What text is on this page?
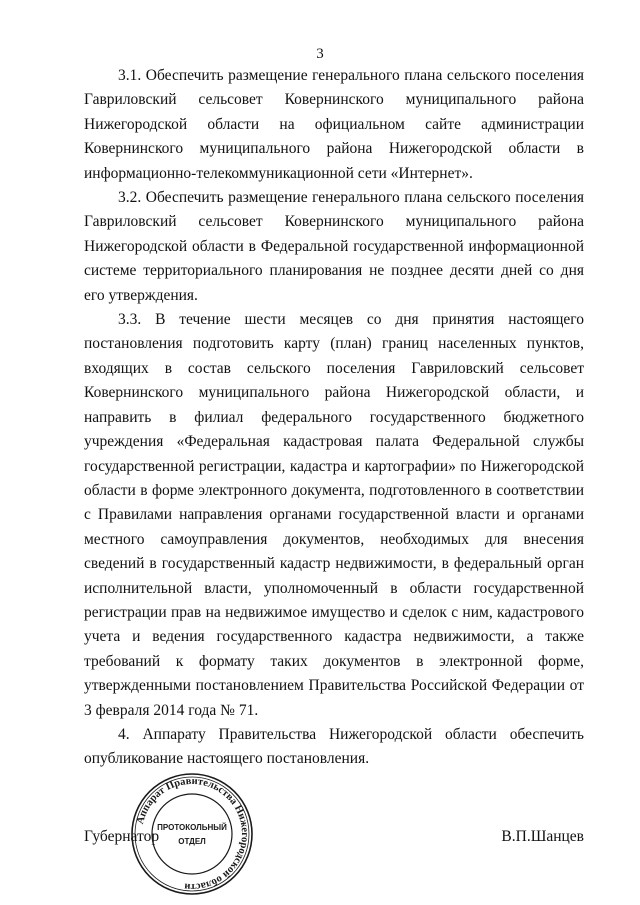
3

3.1. Обеспечить размещение генерального плана сельского поселения Гавриловский сельсовет Ковернинского муниципального района Нижегородской области на официальном сайте администрации Ковернинского муниципального района Нижегородской области в информационно-телекоммуникационной сети «Интернет».

3.2. Обеспечить размещение генерального плана сельского поселения Гавриловский сельсовет Ковернинского муниципального района Нижегородской области в Федеральной государственной информационной системе территориального планирования не позднее десяти дней со дня его утверждения.

3.3. В течение шести месяцев со дня принятия настоящего постановления подготовить карту (план) границ населенных пунктов, входящих в состав сельского поселения Гавриловский сельсовет Ковернинского муниципального района Нижегородской области, и направить в филиал федерального государственного бюджетного учреждения «Федеральная кадастровая палата Федеральной службы государственной регистрации, кадастра и картографии» по Нижегородской области в форме электронного документа, подготовленного в соответствии с Правилами направления органами государственной власти и органами местного самоуправления документов, необходимых для внесения сведений в государственный кадастр недвижимости, в федеральный орган исполнительной власти, уполномоченный в области государственной регистрации прав на недвижимое имущество и сделок с ним, кадастрового учета и ведения государственного кадастра недвижимости, а также требований к формату таких документов в электронной форме, утвержденными постановлением Правительства Российской Федерации от 3 февраля 2014 года № 71.

4. Аппарату Правительства Нижегородской области обеспечить опубликование настоящего постановления.

Губернатор	В.П.Шанцев
Аппарат Правительства Нижегородской области
ПРОТОКОЛЬНЫЙ
ОТДЕЛ
